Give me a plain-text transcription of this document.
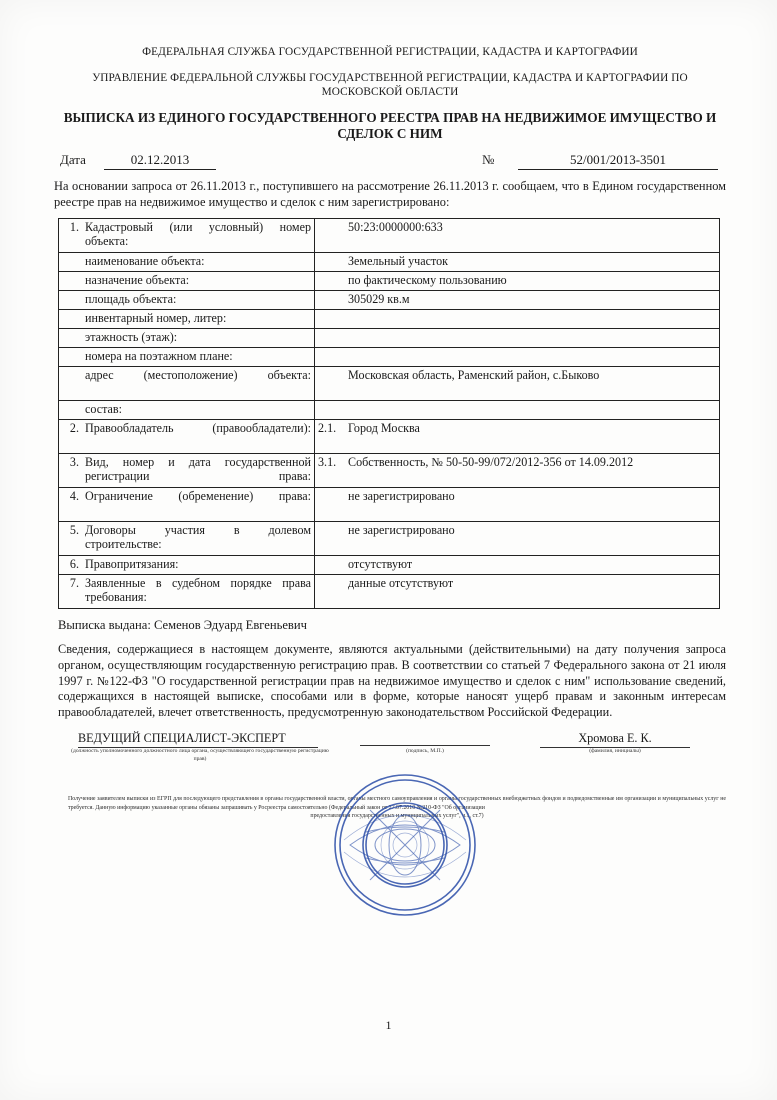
ФЕДЕРАЛЬНАЯ СЛУЖБА ГОСУДАРСТВЕННОЙ РЕГИСТРАЦИИ, КАДАСТРА И КАРТОГРАФИИ
УПРАВЛЕНИЕ ФЕДЕРАЛЬНОЙ СЛУЖБЫ ГОСУДАРСТВЕННОЙ РЕГИСТРАЦИИ, КАДАСТРА И КАРТОГРАФИИ ПО МОСКОВСКОЙ ОБЛАСТИ
ВЫПИСКА ИЗ ЕДИНОГО ГОСУДАРСТВЕННОГО РЕЕСТРА ПРАВ НА НЕДВИЖИМОЕ ИМУЩЕСТВО И СДЕЛОК С НИМ
Дата	02.12.2013	№	52/001/2013-3501

На основании запроса от 26.11.2013 г., поступившего на рассмотрение 26.11.2013 г. сообщаем, что в Едином государственном реестре прав на недвижимое имущество и сделок с ним зарегистрировано:

1.	Кадастровый (или условный) номер объекта:		50:23:0000000:633
	наименование объекта:		Земельный участок
	назначение объекта:		по фактическому пользованию
	площадь объекта:		305029 кв.м
	инвентарный номер, литер:		
	этажность (этаж):		
	номера на поэтажном плане:		
	адрес (местоположение) объекта:		Московская область, Раменский район, с.Быково
	состав:		
2.	Правообладатель (правообладатели):	2.1.	Город Москва
3.	Вид, номер и дата государственной регистрации права:	3.1.	Собственность, № 50-50-99/072/2012-356 от 14.09.2012
4.	Ограничение (обременение) права:		не зарегистрировано
5.	Договоры участия в долевом строительстве:		не зарегистрировано
6.	Правопритязания:		отсутствуют
7.	Заявленные в судебном порядке права требования:		данные отсутствуют
Выписка выдана: Семенов Эдуард Евгеньевич
Сведения, содержащиеся в настоящем документе, являются актуальными (действительными) на дату получения запроса органом, осуществляющим государственную регистрацию прав. В соответствии со статьей 7 Федерального закона от 21 июля 1997 г. №122-ФЗ "О государственной регистрации прав на недвижимое имущество и сделок с ним" использование сведений, содержащихся в настоящей выписке, способами или в форме, которые наносят ущерб правам и законным интересам правообладателей, влечет ответственность, предусмотренную законодательством Российской Федерации.
ВЕДУЩИЙ СПЕЦИАЛИСТ-ЭКСПЕРТ
(должность уполномоченного должностного лица органа, осуществляющего государственную регистрацию прав)
(подпись, М.П.)
Хромова Е. К.
(фамилия, инициалы)
Получение заявителем выписки из ЕГРП для последующего представления в органы государственной власти, органы местного самоуправления и органы государственных внебюджетных фондов и подведомственные им организации и муниципальных услуг не требуется. Данную информацию указанные органы обязаны запрашивать у Росреестра самостоятельно (Федеральный закон от 27.07.2010 №210-ФЗ "Об организации
предоставления государственных и муниципальных услуг", ч.1, ст.7)
1
